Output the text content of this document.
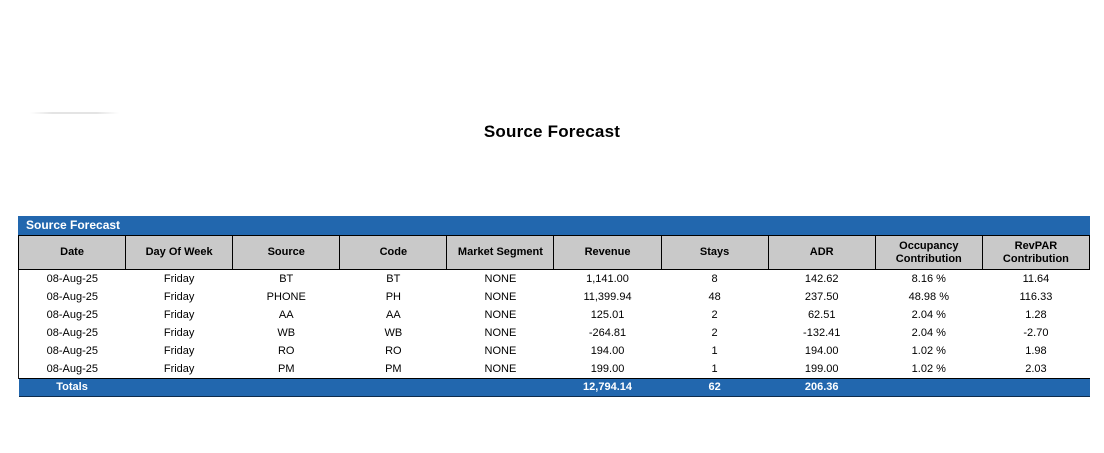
Source Forecast
Source Forecast
Date	Day Of Week	Source	Code	Market Segment	Revenue	Stays	ADR	Occupancy Contribution	RevPAR Contribution
08-Aug-25	Friday	BT	BT	NONE	1,141.00	8	142.62	8.16 %	11.64
08-Aug-25	Friday	PHONE	PH	NONE	11,399.94	48	237.50	48.98 %	116.33
08-Aug-25	Friday	AA	AA	NONE	125.01	2	62.51	2.04 %	1.28
08-Aug-25	Friday	WB	WB	NONE	-264.81	2	-132.41	2.04 %	-2.70
08-Aug-25	Friday	RO	RO	NONE	194.00	1	194.00	1.02 %	1.98
08-Aug-25	Friday	PM	PM	NONE	199.00	1	199.00	1.02 %	2.03
Totals					12,794.14	62	206.36		
